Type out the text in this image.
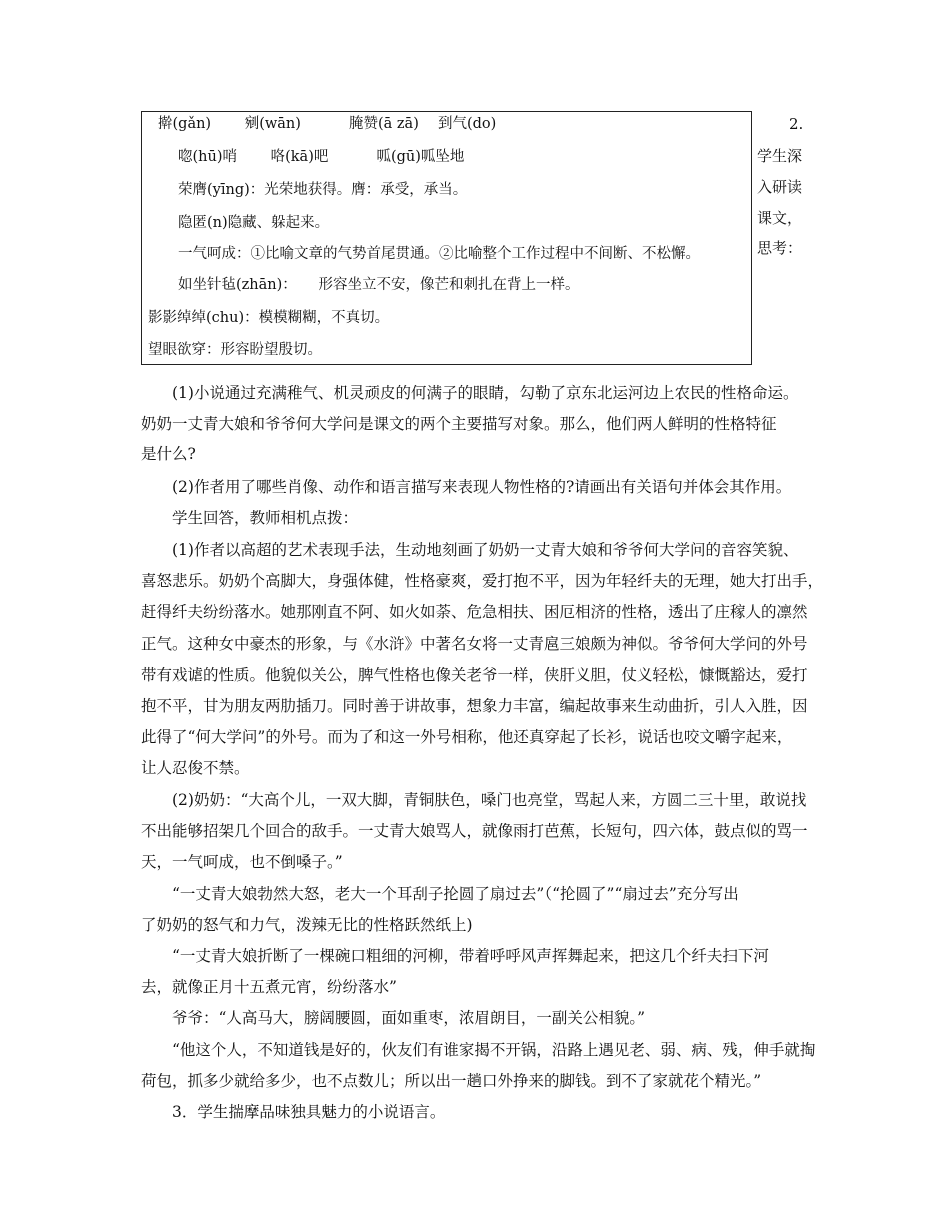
擀(gǎn)　　 剜(wān)　　　 腌赞(ā zā)　 到气(do)
唿(hū)哨　　 咯(kā)吧　　　 呱(gū)呱坠地
荣膺(yīng)：光荣地获得。膺：承受，承当。
隐匿(n)隐藏、躲起来。
一气呵成：①比喻文章的气势首尾贯通。②比喻整个工作过程中不间断、不松懈。
如坐针毡(zhān)：　　形容坐立不安，像芒和刺扎在背上一样。
影影绰绰(chu)：模模糊糊，不真切。
望眼欲穿：形容盼望殷切。
2.
学生深
入研读
课文，
思考：
　　(1)小说通过充满稚气、机灵顽皮的何满子的眼睛，勾勒了京东北运河边上农民的性格命运。
奶奶一丈青大娘和爷爷何大学问是课文的两个主要描写对象。那么，他们两人鲜明的性格特征
是什么?
　　(2)作者用了哪些肖像、动作和语言描写来表现人物性格的?请画出有关语句并体会其作用。
　　学生回答，教师相机点拨：
　　(1)作者以高超的艺术表现手法，生动地刻画了奶奶一丈青大娘和爷爷何大学问的音容笑貌、
喜怒悲乐。奶奶个高脚大，身强体健，性格豪爽，爱打抱不平，因为年轻纤夫的无理，她大打出手，
赶得纤夫纷纷落水。她那刚直不阿、如火如荼、危急相扶、困厄相济的性格，透出了庄稼人的凛然
正气。这种女中豪杰的形象，与《水浒》中著名女将一丈青扈三娘颇为神似。爷爷何大学问的外号
带有戏谑的性质。他貌似关公，脾气性格也像关老爷一样，侠肝义胆，仗义轻松，慷慨豁达，爱打
抱不平，甘为朋友两肋插刀。同时善于讲故事，想象力丰富，编起故事来生动曲折，引人入胜，因
此得了“何大学问”的外号。而为了和这一外号相称，他还真穿起了长衫，说话也咬文嚼字起来，
让人忍俊不禁。
　　(2)奶奶：“大高个儿，一双大脚，青铜肤色，嗓门也亮堂，骂起人来，方圆二三十里，敢说找
不出能够招架几个回合的敌手。一丈青大娘骂人，就像雨打芭蕉，长短句，四六体，鼓点似的骂一
天，一气呵成，也不倒嗓子。”
　　“一丈青大娘勃然大怒，老大一个耳刮子抡圆了扇过去”（“抡圆了”“扇过去”充分写出
了奶奶的怒气和力气，泼辣无比的性格跃然纸上)
　　“一丈青大娘折断了一棵碗口粗细的河柳，带着呼呼风声挥舞起来，把这几个纤夫扫下河
去，就像正月十五煮元宵，纷纷落水”
　　爷爷：“人高马大，膀阔腰圆，面如重枣，浓眉朗目，一副关公相貌。”
　　“他这个人，不知道钱是好的，伙友们有谁家揭不开锅，沿路上遇见老、弱、病、残，伸手就掏
荷包，抓多少就给多少，也不点数儿；所以出一趟口外挣来的脚钱。到不了家就花个精光。”
　　3．学生揣摩品味独具魅力的小说语言。
